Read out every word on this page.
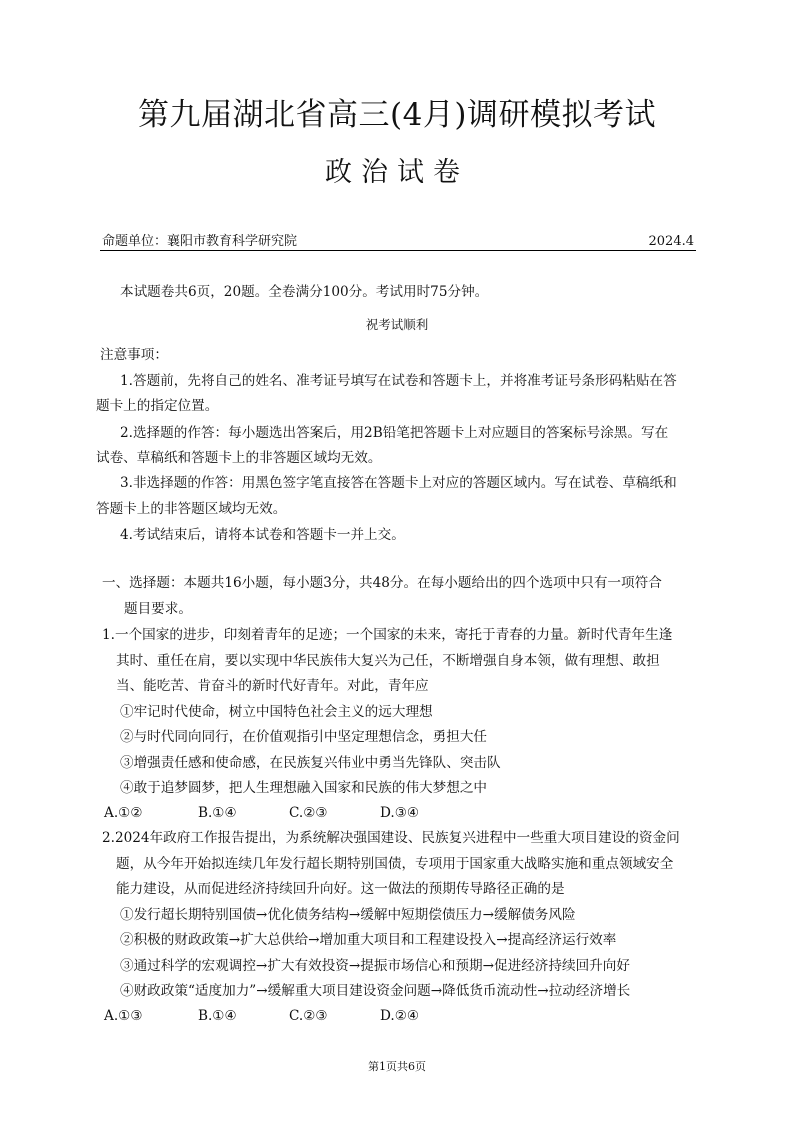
第九届湖北省高三(4月)调研模拟考试
政治试卷
命题单位：襄阳市教育科学研究院	2024.4
本试题卷共6页，20题。全卷满分100分。考试用时75分钟。
祝考试顺利
注意事项：
1.答题前，先将自己的姓名、准考证号填写在试卷和答题卡上，并将准考证号条形码粘贴在答
题卡上的指定位置。
2.选择题的作答：每小题选出答案后，用2B铅笔把答题卡上对应题目的答案标号涂黑。写在
试卷、草稿纸和答题卡上的非答题区域均无效。
3.非选择题的作答：用黑色签字笔直接答在答题卡上对应的答题区域内。写在试卷、草稿纸和
答题卡上的非答题区域均无效。
4.考试结束后，请将本试卷和答题卡一并上交。
一、选择题：本题共16小题，每小题3分，共48分。在每小题给出的四个选项中只有一项符合
题目要求。
1.一个国家的进步，印刻着青年的足迹；一个国家的未来，寄托于青春的力量。新时代青年生逢
其时、重任在肩，要以实现中华民族伟大复兴为己任，不断增强自身本领，做有理想、敢担
当、能吃苦、肯奋斗的新时代好青年。对此，青年应
①牢记时代使命，树立中国特色社会主义的远大理想
②与时代同向同行，在价值观指引中坚定理想信念，勇担大任
③增强责任感和使命感，在民族复兴伟业中勇当先锋队、突击队
④敢于追梦圆梦，把人生理想融入国家和民族的伟大梦想之中
A.①②	B.①④	C.②③	D.③④
2.2024年政府工作报告提出，为系统解决强国建设、民族复兴进程中一些重大项目建设的资金问
题，从今年开始拟连续几年发行超长期特别国债，专项用于国家重大战略实施和重点领域安全
能力建设，从而促进经济持续回升向好。这一做法的预期传导路径正确的是
①发行超长期特别国债→优化债务结构→缓解中短期偿债压力→缓解债务风险
②积极的财政政策→扩大总供给→增加重大项目和工程建设投入→提高经济运行效率
③通过科学的宏观调控→扩大有效投资→提振市场信心和预期→促进经济持续回升向好
④财政政策“适度加力”→缓解重大项目建设资金问题→降低货币流动性→拉动经济增长
A.①③	B.①④	C.②③	D.②④
第1页共6页
